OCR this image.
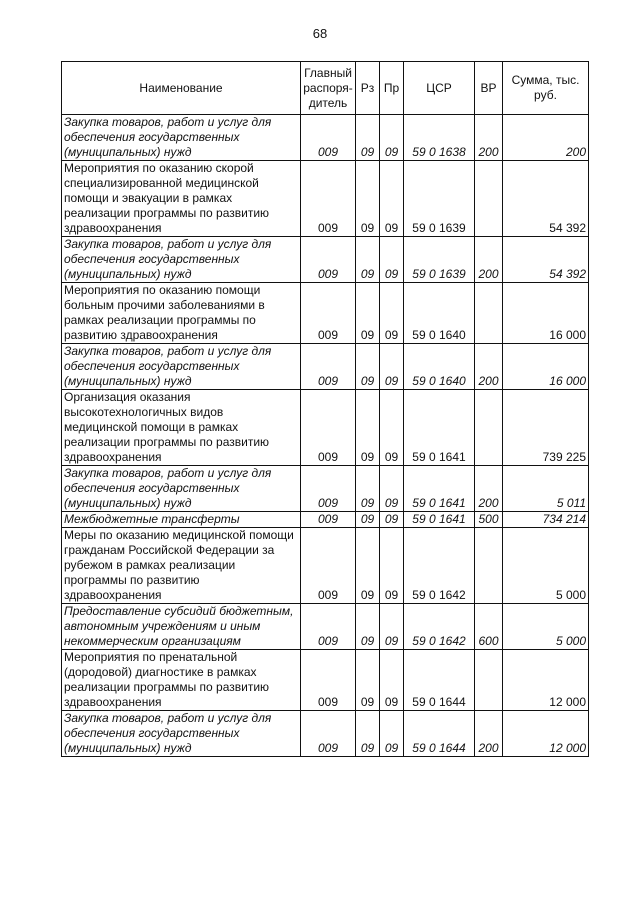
68
Наименование	Главный распоря-дитель	Рз	Пр	ЦСР	ВР	Сумма, тыс. руб.
Закупка товаров, работ и услуг для обеспечения государственных (муниципальных) нужд	009	09	09	59 0 1638	200	200
Мероприятия по оказанию скорой специализированной медицинской помощи и эвакуации в рамках реализации программы по развитию здравоохранения	009	09	09	59 0 1639		54 392
Закупка товаров, работ и услуг для обеспечения государственных (муниципальных) нужд	009	09	09	59 0 1639	200	54 392
Мероприятия по оказанию помощи больным прочими заболеваниями в рамках реализации программы по развитию здравоохранения	009	09	09	59 0 1640		16 000
Закупка товаров, работ и услуг для обеспечения государственных (муниципальных) нужд	009	09	09	59 0 1640	200	16 000
Организация оказания высокотехнологичных видов медицинской помощи в рамках реализации программы по развитию здравоохранения	009	09	09	59 0 1641		739 225
Закупка товаров, работ и услуг для обеспечения государственных (муниципальных) нужд	009	09	09	59 0 1641	200	5 011
Межбюджетные трансферты	009	09	09	59 0 1641	500	734 214
Меры по оказанию медицинской помощи гражданам Российской Федерации за рубежом в рамках реализации программы по развитию здравоохранения	009	09	09	59 0 1642		5 000
Предоставление субсидий бюджетным, автономным учреждениям и иным некоммерческим организациям	009	09	09	59 0 1642	600	5 000
Мероприятия по пренатальной (дородовой) диагностике в рамках реализации программы по развитию здравоохранения	009	09	09	59 0 1644		12 000
Закупка товаров, работ и услуг для обеспечения государственных (муниципальных) нужд	009	09	09	59 0 1644	200	12 000
